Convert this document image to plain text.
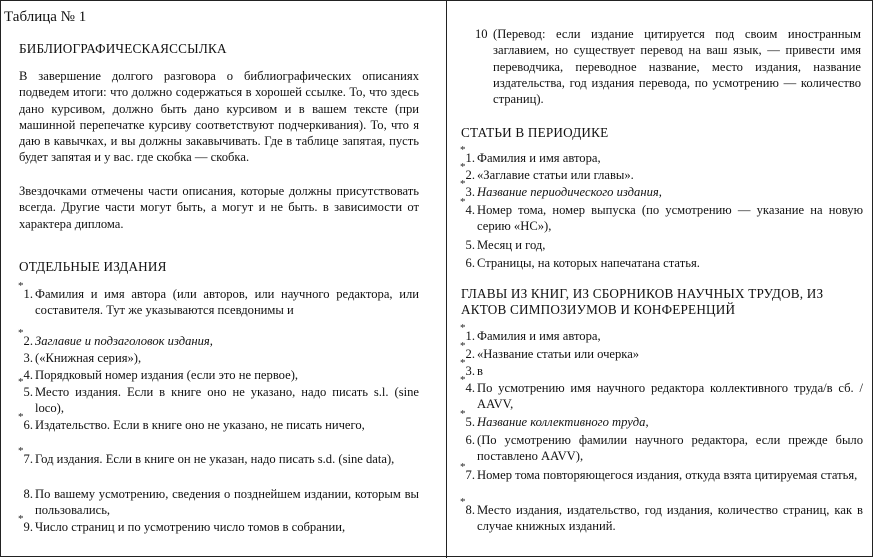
Таблица № 1
БИБЛИОГРАФИЧЕСКАЯССЫЛКА
В завершение долгого разговора о библиографических описаниях подведем итоги: что должно содержаться в хорошей ссылке. То, что здесь дано курсивом, должно быть дано курсивом и в вашем тексте (при машинной перепечатке курсиву соответствуют подчеркивания). То, что я даю в кавычках, и вы должны закавычивать. Где в таблице запятая, пусть будет запятая и у вас. где скобка — скобка.
Звездочками отмечены части описания, которые должны присутствовать всегда. Другие части могут быть, а могут и не быть. в зависимости от характера диплома.
ОТДЕЛЬНЫЕ ИЗДАНИЯ
*
1. Фамилия и имя автора (или авторов, или научного редактора, или составителя. Тут же указываются псевдонимы и
*
2. Заглавие и подзаголовок издания,
3. («Книжная серия»),
4. Порядковый номер издания (если это не первое),
*
5. Место издания. Если в книге оно не указано, надо писать s.l. (sine loco),
*
6. Издательство. Если в книге оно не указано, не писать ничего,
*
7. Год издания. Если в книге он не указан, надо писать s.d. (sine data),
8. По вашему усмотрению, сведения о позднейшем издании, которым вы пользовались,
*
9. Число страниц и по усмотрению число томов в собрании,
10 (Перевод: если издание цитируется под своим иностранным заглавием, но существует перевод на ваш язык, — привести имя переводчика, переводное название, место издания, название издательства, год издания перевода, по усмотрению — количество страниц).
СТАТЬИ В ПЕРИОДИКЕ
*
1. Фамилия и имя автора,
*
2. «Заглавие статьи или главы».
*
3. Название периодического издания,
*
4. Номер тома, номер выпуска (по усмотрению — указание на новую серию «НС»),
5. Месяц и год,
6. Страницы, на которых напечатана статья.
ГЛАВЫ ИЗ КНИГ, ИЗ СБОРНИКОВ НАУЧНЫХ ТРУДОВ, ИЗ АКТОВ СИМПОЗИУМОВ И КОНФЕРЕНЦИЙ
*
1. Фамилия и имя автора,
*
2. «Название статьи или очерка»
*
3. в
*
4. По усмотрению имя научного редактора коллективного труда/в сб. / AAVV,
*
5. Название коллективного труда,
6. (По усмотрению фамилии научного редактора, если прежде было поставлено AAVV),
*
7. Номер тома повторяющегося издания, откуда взята цитируемая статья,
*
8. Место издания, издательство, год издания, количество страниц, как в случае книжных изданий.
